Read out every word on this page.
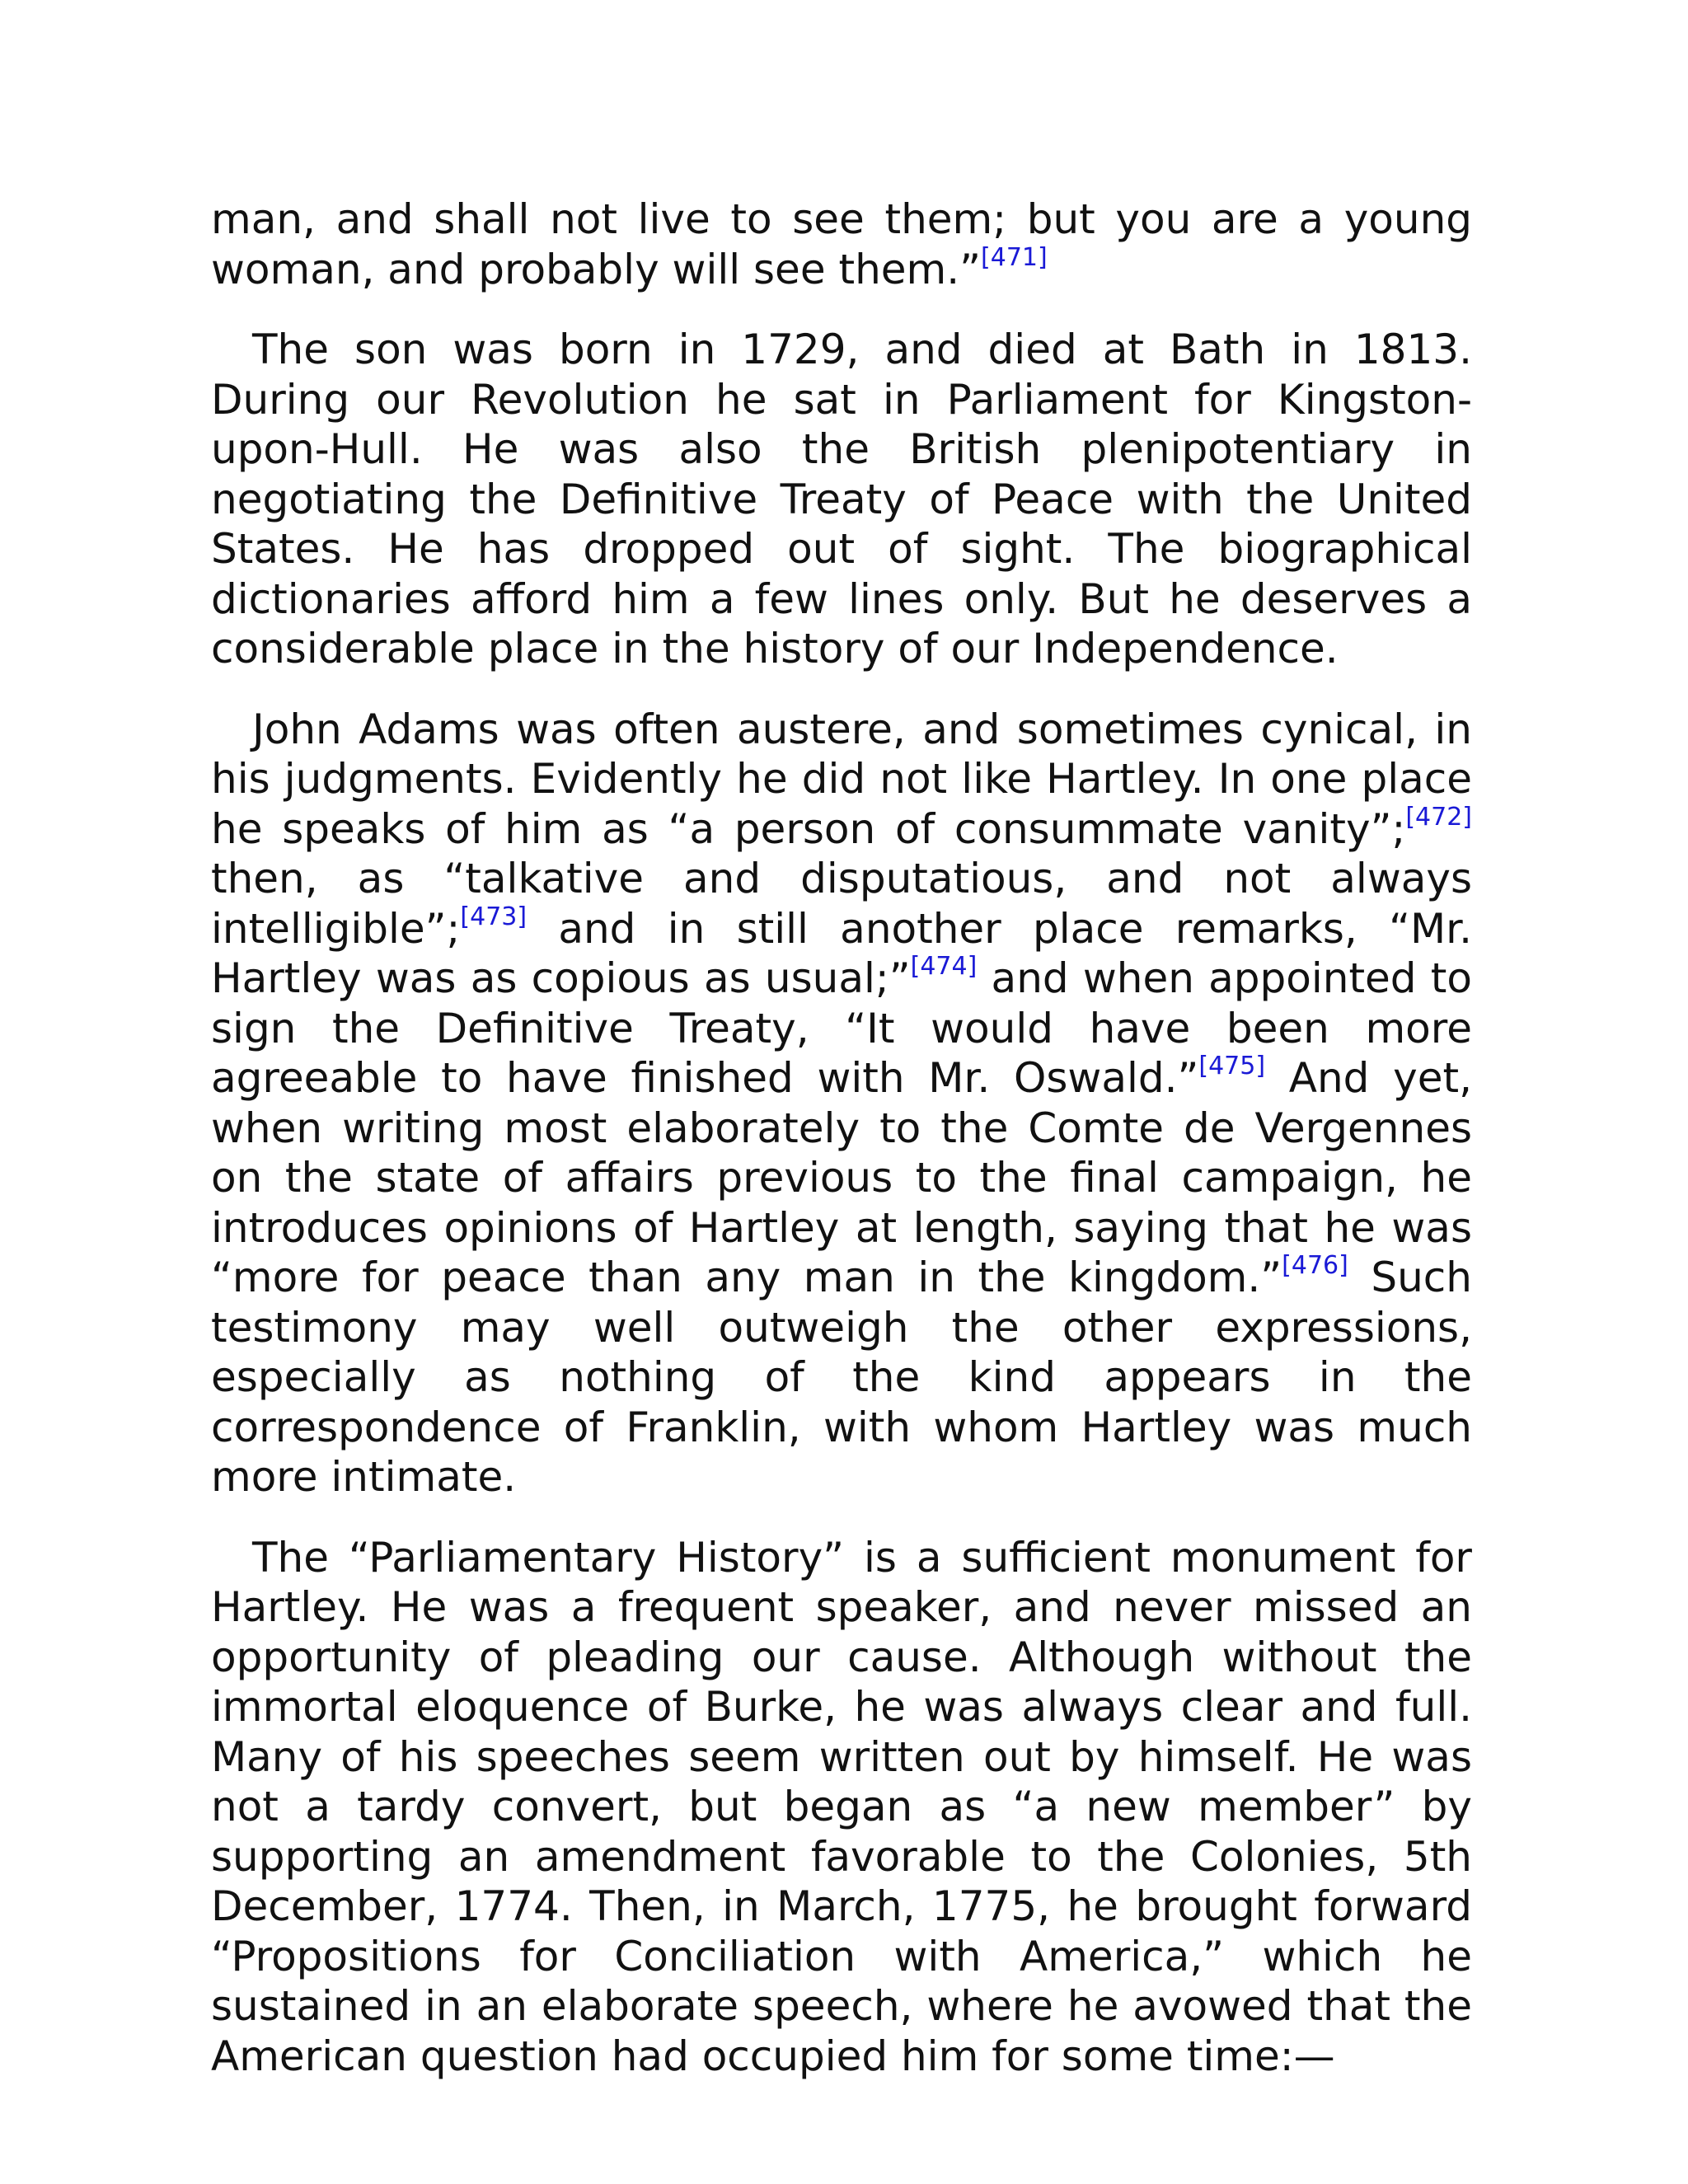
man, and shall not live to see them; but you are a young woman, and probably will see them.”[471]

The son was born in 1729, and died at Bath in 1813. During our Revolution he sat in Parliament for Kingston-upon-Hull. He was also the British plenipotentiary in negotiating the Definitive Treaty of Peace with the United States. He has dropped out of sight. The biographical dictionaries afford him a few lines only. But he deserves a considerable place in the history of our Independence.

John Adams was often austere, and sometimes cynical, in his judgments. Evidently he did not like Hartley. In one place he speaks of him as “a person of consummate vanity”;[472] then, as “talkative and disputatious, and not always intelligible”;[473] and in still another place remarks, “Mr. Hartley was as copious as usual;”[474] and when appointed to sign the Definitive Treaty, “It would have been more agreeable to have finished with Mr. Oswald.”[475] And yet, when writing most elaborately to the Comte de Vergennes on the state of affairs previous to the final campaign, he introduces opinions of Hartley at length, saying that he was “more for peace than any man in the kingdom.”[476] Such testimony may well outweigh the other expressions, especially as nothing of the kind appears in the correspondence of Franklin, with whom Hartley was much more intimate.

The “Parliamentary History” is a sufficient monument for Hartley. He was a frequent speaker, and never missed an opportunity of pleading our cause. Although without the immortal eloquence of Burke, he was always clear and full. Many of his speeches seem written out by himself. He was not a tardy convert, but began as “a new member” by supporting an amendment favorable to the Colonies, 5th December, 1774. Then, in March, 1775, he brought forward “Propositions for Conciliation with America,” which he sustained in an elaborate speech, where he avowed that the American question had occupied him for some time:—
